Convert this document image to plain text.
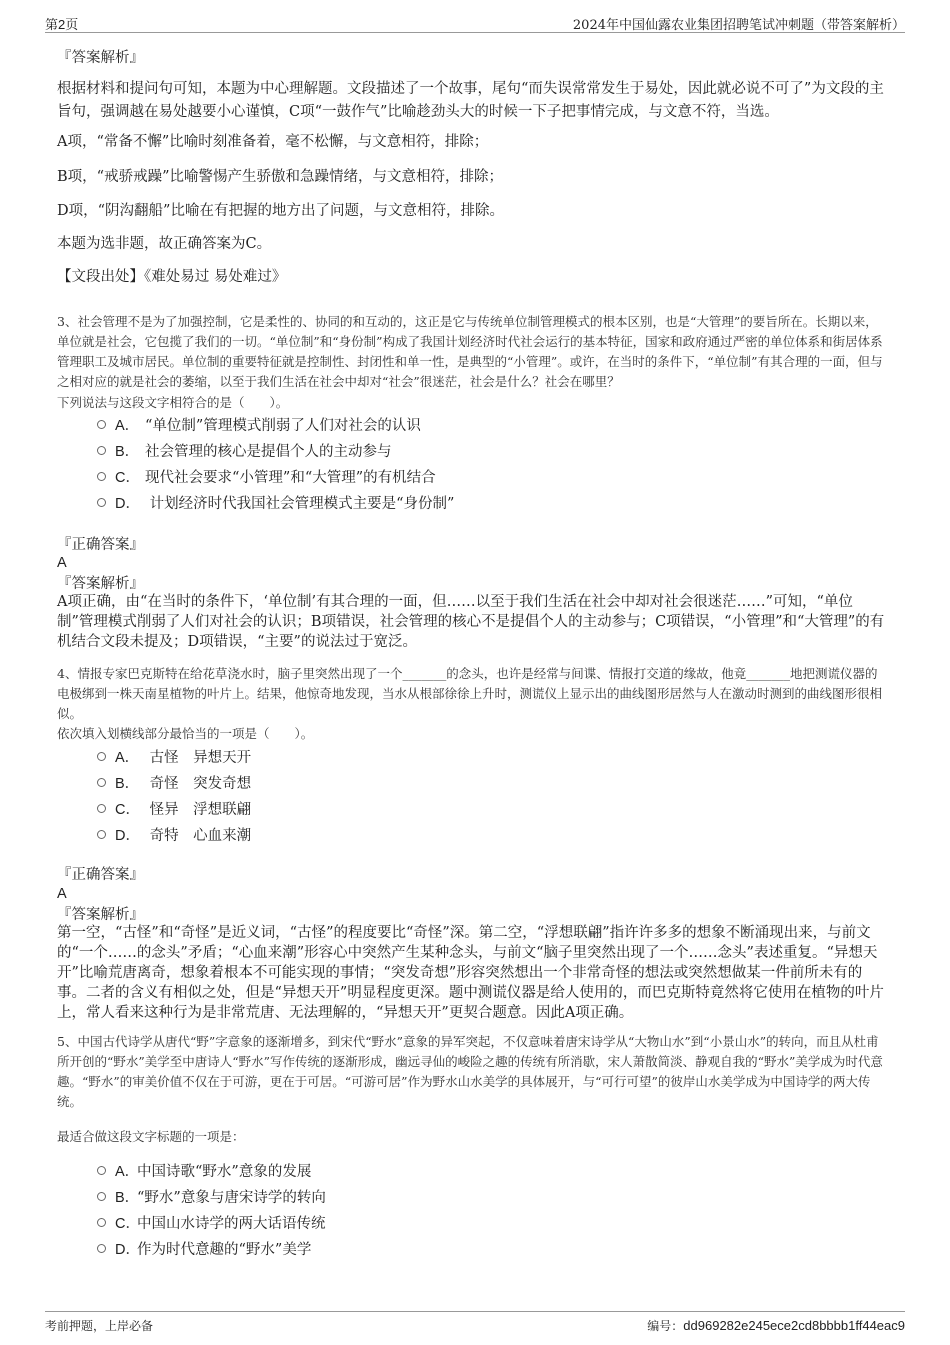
第2页	2024年中国仙露农业集团招聘笔试冲刺题（带答案解析）
『答案解析』
根据材料和提问句可知，本题为中心理解题。文段描述了一个故事，尾句“而失误常常发生于易处，因此就必说不可了”为文段的主旨句，强调越在易处越要小心谨慎，C项“一鼓作气”比喻趁劲头大的时候一下子把事情完成，与文意不符，当选。
A项，“常备不懈”比喻时刻准备着，毫不松懈，与文意相符，排除；
B项，“戒骄戒躁”比喻警惕产生骄傲和急躁情绪，与文意相符，排除；
D项，“阴沟翻船”比喻在有把握的地方出了问题，与文意相符，排除。
本题为选非题，故正确答案为C。
【文段出处】《难处易过 易处难过》
3、社会管理不是为了加强控制，它是柔性的、协同的和互动的，这正是它与传统单位制管理模式的根本区别，也是“大管理”的要旨所在。长期以来，单位就是社会，它包揽了我们的一切。“单位制”和“身份制”构成了我国计划经济时代社会运行的基本特征，国家和政府通过严密的单位体系和街居体系管理职工及城市居民。单位制的重要特征就是控制性、封闭性和单一性，是典型的“小管理”。或许，在当时的条件下，“单位制”有其合理的一面，但与之相对应的就是社会的萎缩，以至于我们生活在社会中却对“社会”很迷茫，社会是什么？社会在哪里？
下列说法与这段文字相符合的是（　　）。
A． “单位制”管理模式削弱了人们对社会的认识
B． 社会管理的核心是提倡个人的主动参与
C． 现代社会要求“小管理”和“大管理”的有机结合
D． 计划经济时代我国社会管理模式主要是“身份制”
『正确答案』
A
『答案解析』
A项正确，由“在当时的条件下，‘单位制’有其合理的一面，但……以至于我们生活在社会中却对社会很迷茫……”可知，“单位制”管理模式削弱了人们对社会的认识；B项错误，社会管理的核心不是提倡个人的主动参与；C项错误，“小管理”和“大管理”的有机结合文段未提及；D项错误，“主要”的说法过于宽泛。
4、情报专家巴克斯特在给花草浇水时，脑子里突然出现了一个_______的念头，也许是经常与间谍、情报打交道的缘故，他竟_______地把测谎仪器的电极绑到一株天南星植物的叶片上。结果，他惊奇地发现，当水从根部徐徐上升时，测谎仪上显示出的曲线图形居然与人在激动时测到的曲线图形很相似。
依次填入划横线部分最恰当的一项是（　　）。
A． 古怪　异想天开
B． 奇怪　突发奇想
C． 怪异　浮想联翩
D． 奇特　心血来潮
『正确答案』
A
『答案解析』
第一空，“古怪”和“奇怪”是近义词，“古怪”的程度要比“奇怪”深。第二空，“浮想联翩”指许许多多的想象不断涌现出来，与前文的“一个……的念头”矛盾；“心血来潮”形容心中突然产生某种念头，与前文“脑子里突然出现了一个……念头”表述重复。“异想天开”比喻荒唐离奇，想象着根本不可能实现的事情；“突发奇想”形容突然想出一个非常奇怪的想法或突然想做某一件前所未有的事。二者的含义有相似之处，但是“异想天开”明显程度更深。题中测谎仪器是给人使用的，而巴克斯特竟然将它使用在植物的叶片上，常人看来这种行为是非常荒唐、无法理解的，“异想天开”更契合题意。因此A项正确。
5、中国古代诗学从唐代“野”字意象的逐渐增多，到宋代“野水”意象的异军突起，不仅意味着唐宋诗学从“大物山水”到“小景山水”的转向，而且从杜甫所开创的“野水”美学至中唐诗人“野水”写作传统的逐渐形成，幽远寻仙的峻险之趣的传统有所消歇，宋人萧散简淡、静观自我的“野水”美学成为时代意趣。“野水”的审美价值不仅在于可游，更在于可居。“可游可居”作为野水山水美学的具体展开，与“可行可望”的彼岸山水美学成为中国诗学的两大传统。
最适合做这段文字标题的一项是：
A．
中国诗歌“野水”意象的发展
B．
“野水”意象与唐宋诗学的转向
C．
中国山水诗学的两大话语传统
D．
作为时代意趣的“野水”美学
考前押题，上岸必备	编号：dd969282e245ece2cd8bbbb1ff44eac9
